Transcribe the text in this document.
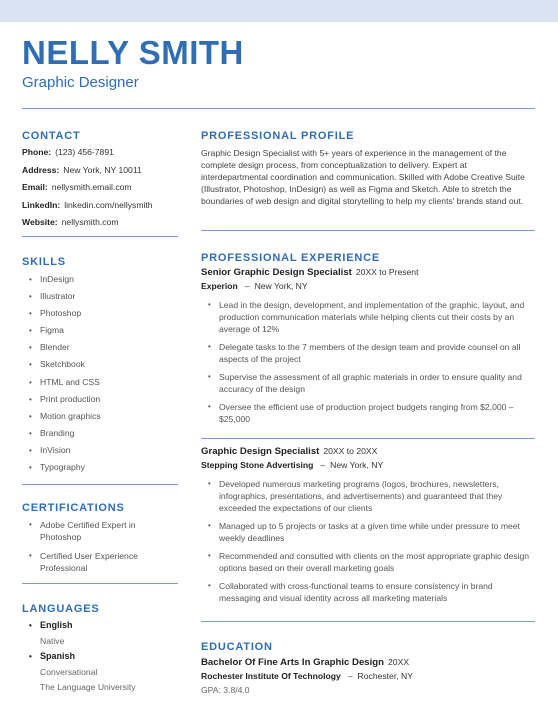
NELLY SMITH
Graphic Designer
CONTACT
Phone: (123) 456-7891
Address: New York, NY 10011
Email: nellysmith.email.com
LinkedIn: linkedin.com/nellysmith
Website: nellysmith.com
SKILLS
• InDesign
• Illustrator
• Photoshop
• Figma
• Blender
• Sketchbook
• HTML and CSS
• Print production
• Motion graphics
• Branding
• InVision
• Typography
CERTIFICATIONS
• Adobe Certified Expert in Photoshop
• Certified User Experience Professional
LANGUAGES
• English
Native
• Spanish
Conversational
The Language University
PROFESSIONAL PROFILE
Graphic Design Specialist with 5+ years of experience in the management of the complete design process, from conceptualization to delivery. Expert at interdepartmental coordination and communication. Skilled with Adobe Creative Suite (Illustrator, Photoshop, InDesign) as well as Figma and Sketch. Able to stretch the boundaries of web design and digital storytelling to help my clients' brands stand out.
PROFESSIONAL EXPERIENCE
Senior Graphic Design Specialist 20XX to Present
Experion – New York, NY
• Lead in the design, development, and implementation of the graphic, layout, and production communication materials while helping clients cut their costs by an average of 12%
• Delegate tasks to the 7 members of the design team and provide counsel on all aspects of the project
• Supervise the assessment of all graphic materials in order to ensure quality and accuracy of the design
• Oversee the efficient use of production project budgets ranging from $2,000 – $25,000
Graphic Design Specialist 20XX to 20XX
Stepping Stone Advertising – New York, NY
• Developed numerous marketing programs (logos, brochures, newsletters, infographics, presentations, and advertisements) and guaranteed that they exceeded the expectations of our clients
• Managed up to 5 projects or tasks at a given time while under pressure to meet weekly deadlines
• Recommended and consulted with clients on the most appropriate graphic design options based on their overall marketing goals
• Collaborated with cross-functional teams to ensure consistency in brand messaging and visual identity across all marketing materials
EDUCATION
Bachelor Of Fine Arts In Graphic Design 20XX
Rochester Institute Of Technology – Rochester, NY
GPA: 3.8/4.0
